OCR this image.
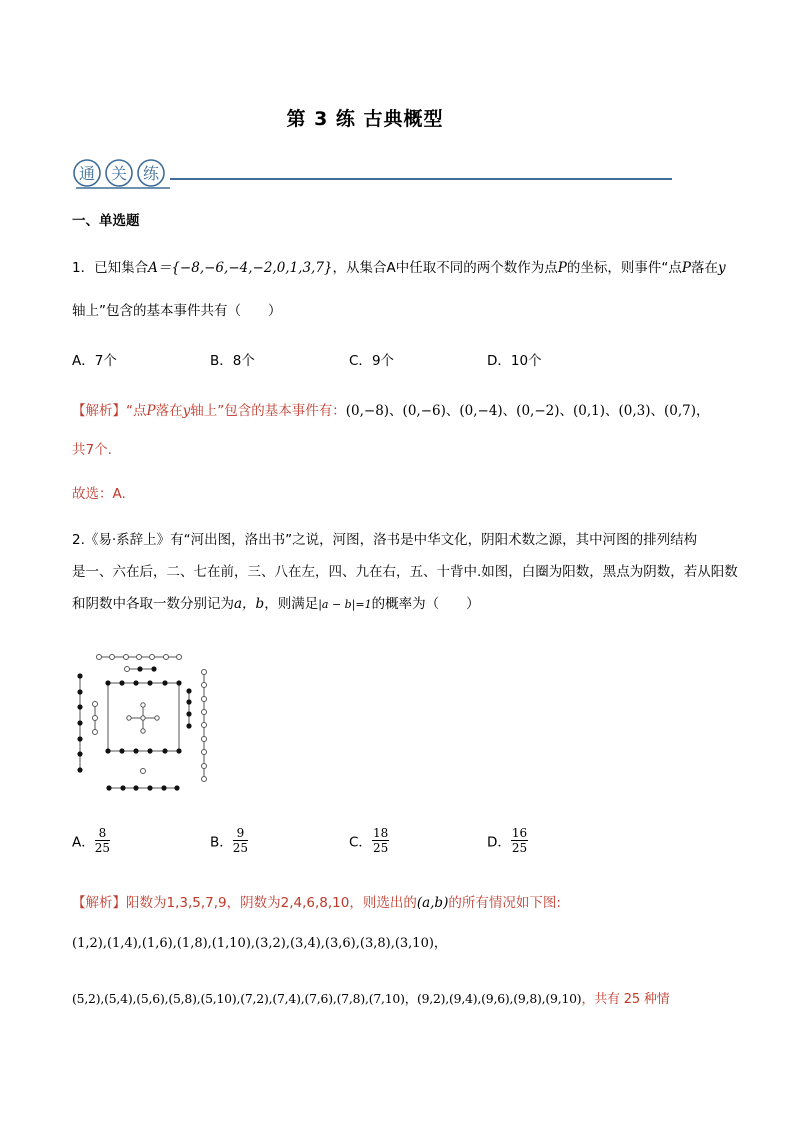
第 3 练 古典概型
通 关 练
一、单选题
1．已知集合A＝{−8,−6,−4,−2,0,1,3,7}，从集合A中任取不同的两个数作为点P的坐标，则事件“点P落在y
轴上”包含的基本事件共有（　　）
A．7个	B．8个	C．9个	D．10个
【解析】“点P落在y轴上”包含的基本事件有：(0,−8)、(0,−6)、(0,−4)、(0,−2)、(0,1)、(0,3)、(0,7)，
共7个.
故选：A.
2.《易·系辞上》有“河出图，洛出书”之说，河图，洛书是中华文化，阴阳术数之源，其中河图的排列结构
是一、六在后，二、七在前，三、八在左，四、九在右，五、十背中.如图，白圈为阳数，黑点为阴数，若从阳数
和阴数中各取一数分别记为a，b，则满足|a − b|=1的概率为（　　）
A． $\frac{8}{25}$	B． $\frac{9}{25}$	C． $\frac{18}{25}$	D． $\frac{16}{25}$
【解析】阳数为1,3,5,7,9，阴数为2,4,6,8,10，则选出的(a,b)的所有情况如下图:
(1,2),(1,4),(1,6),(1,8),(1,10),(3,2),(3,4),(3,6),(3,8),(3,10)，
(5,2),(5,4),(5,6),(5,8),(5,10),(7,2),(7,4),(7,6),(7,8),(7,10)，(9,2),(9,4),(9,6),(9,8),(9,10)，共有 25 种情
